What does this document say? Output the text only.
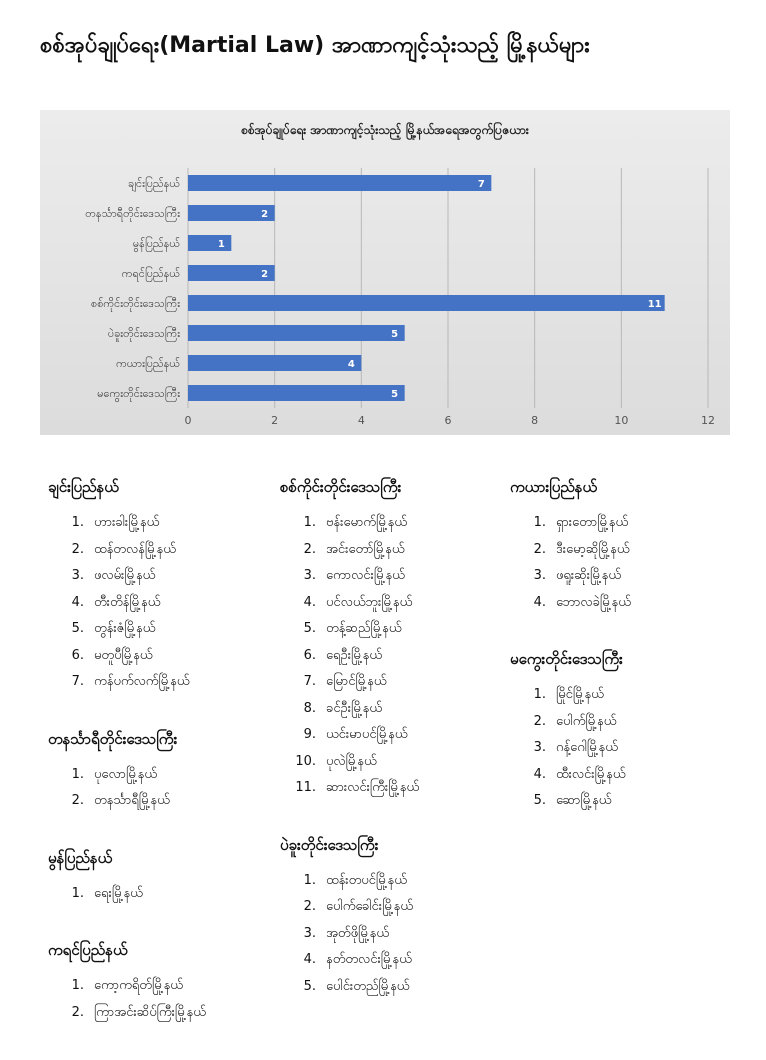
စစ်အုပ်ချုပ်ရေး(Martial Law) အာဏာကျင့်သုံးသည့် မြို့နယ်များ
စစ်အုပ်ချုပ်ရေး အာဏာကျင့်သုံးသည့် မြို့နယ်အရေအတွက်ပြဇယား
0	2	4	6	8	10	12
ချင်းပြည်နယ်	7
တနင်္သာရီတိုင်းဒေသကြီး	2
မွန်ပြည်နယ်	1
ကရင်ပြည်နယ်	2
စစ်ကိုင်းတိုင်းဒေသကြီး	11
ပဲခူးတိုင်းဒေသကြီး	5
ကယားပြည်နယ်	4
မကွေးတိုင်းဒေသကြီး	5
ချင်းပြည်နယ်
1. ဟားခါးမြို့နယ်
2. ထန်တလန်မြို့နယ်
3. ဖလမ်းမြို့နယ်
4. တီးတိန်မြို့နယ်
5. တွန်းဇံမြို့နယ်
6. မတူပီမြို့နယ်
7. ကန်ပက်လက်မြို့နယ်
တနင်္သာရီတိုင်းဒေသကြီး
1. ပုလောမြို့နယ်
2. တနင်္သာရီမြို့နယ်
မွန်ပြည်နယ်
1. ရေးမြို့နယ်
ကရင်ပြည်နယ်
1. ကော့ကရိတ်မြို့နယ်
2. ကြာအင်းဆိပ်ကြီးမြို့နယ်
စစ်ကိုင်းတိုင်းဒေသကြီး
1. ဗန်းမောက်မြို့နယ်
2. အင်းတော်မြို့နယ်
3. ကောလင်းမြို့နယ်
4. ပင်လယ်ဘူးမြို့နယ်
5. တန့်ဆည်မြို့နယ်
6. ရေဦးမြို့နယ်
7. မြောင်မြို့နယ်
8. ခင်ဦးမြို့နယ်
9. ယင်းမာပင်မြို့နယ်
10. ပုလဲမြို့နယ်
11. ဆားလင်းကြီးမြို့နယ်
ပဲခူးတိုင်းဒေသကြီး
1. ထန်းတပင်မြို့နယ်
2. ပေါက်ခေါင်းမြို့နယ်
3. အုတ်ဖိုမြို့နယ်
4. နတ်တလင်းမြို့နယ်
5. ပေါင်းတည်မြို့နယ်
ကယားပြည်နယ်
1. ရှားတောမြို့နယ်
2. ဒီးမော့ဆိုမြို့နယ်
3. ဖရူးဆိုးမြို့နယ်
4. ဘောလခဲမြို့နယ်
မကွေးတိုင်းဒေသကြီး
1. မြိုင်မြို့နယ်
2. ပေါက်မြို့နယ်
3. ဂန့်ဂေါမြို့နယ်
4. ထီးလင်းမြို့နယ်
5. ဆောမြို့နယ်
